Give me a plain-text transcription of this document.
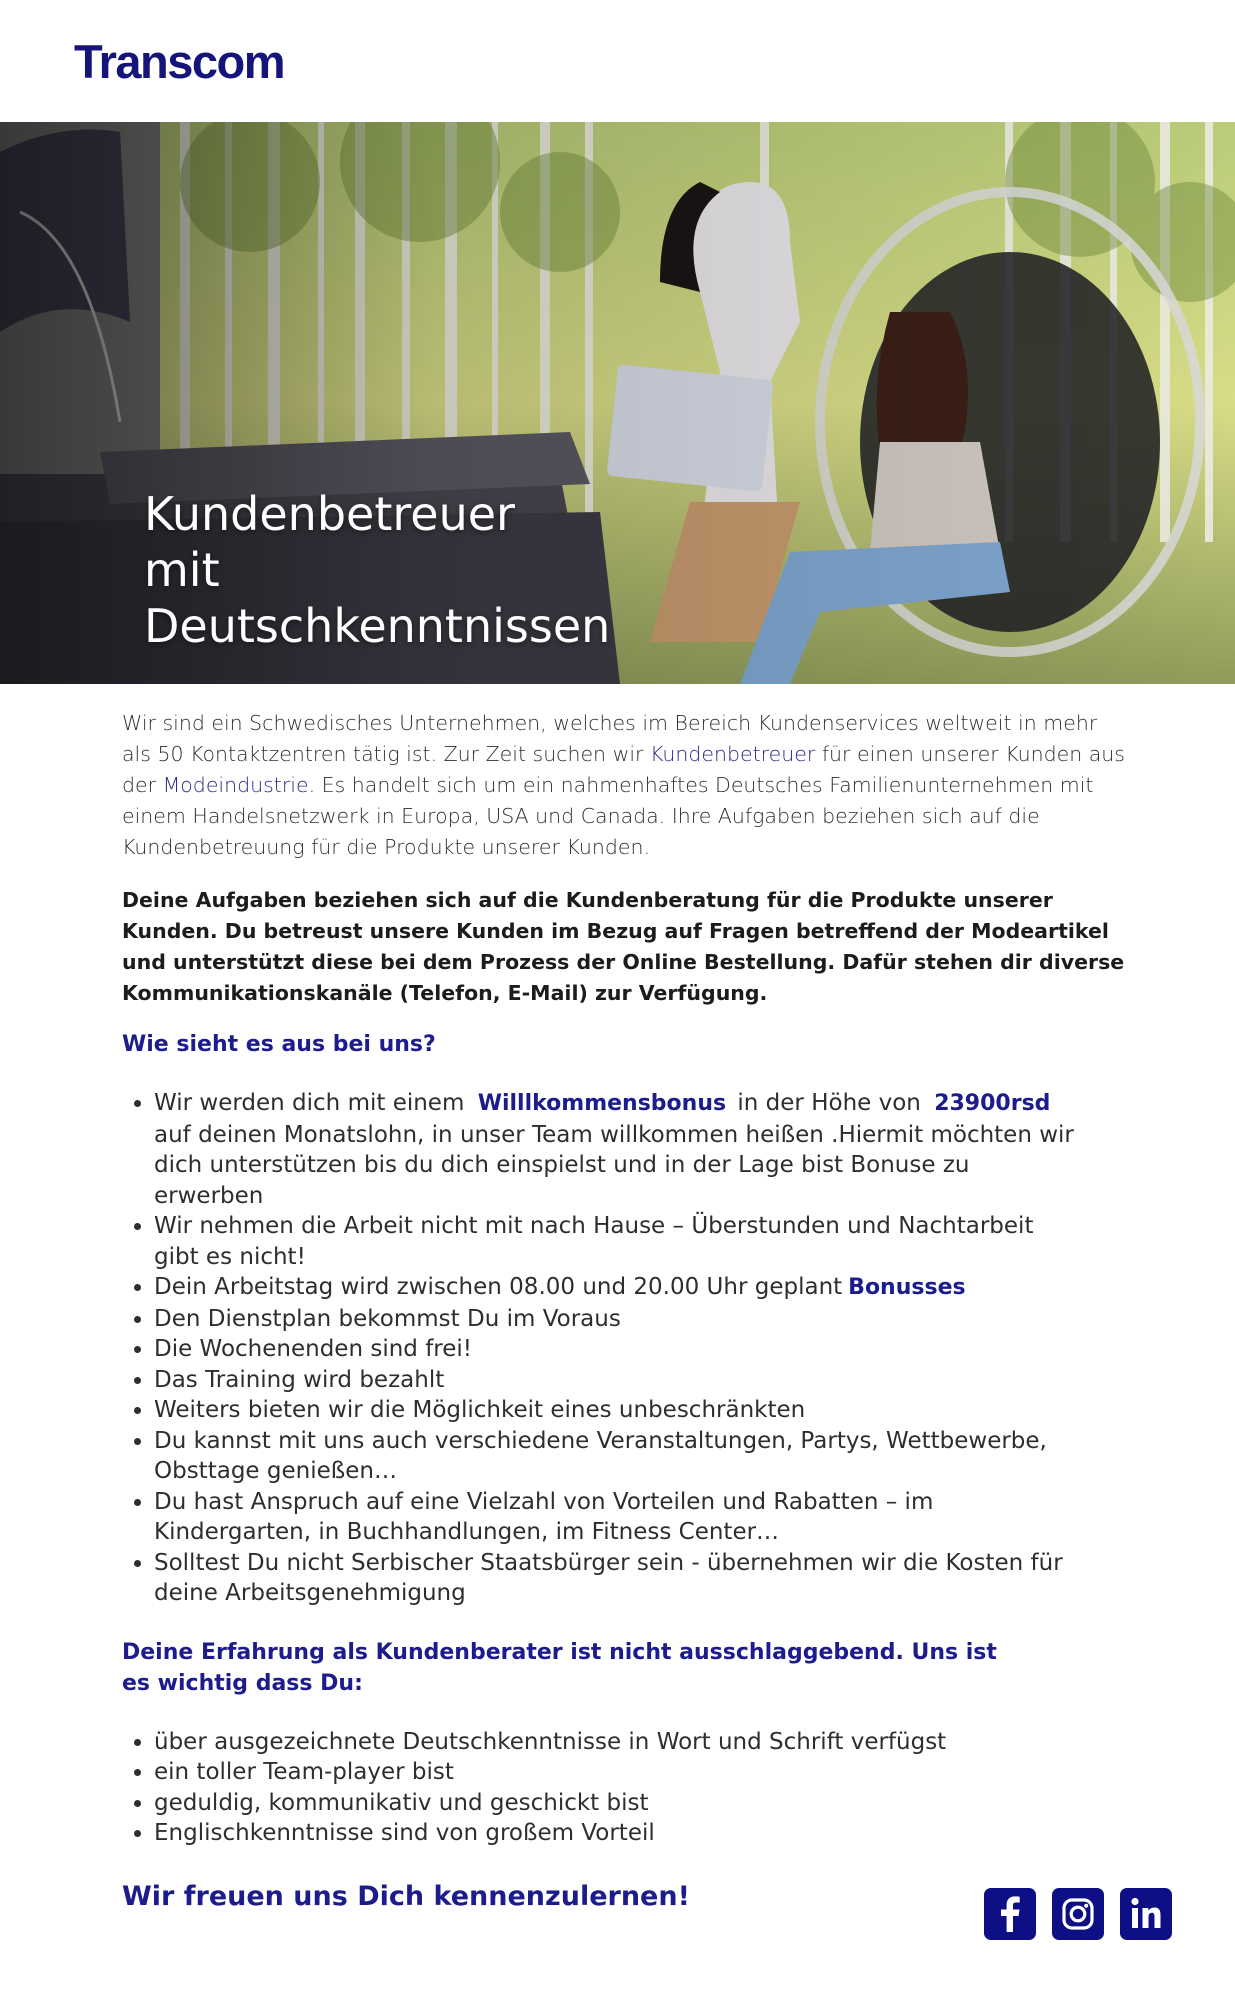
Transcom
Kundenbetreuer
mit
Deutschkenntnissen

Wir sind ein Schwedisches Unternehmen, welches im Bereich Kundenservices weltweit in mehr als 50 Kontaktzentren tätig ist. Zur Zeit suchen wir Kundenbetreuer für einen unserer Kunden aus der Modeindustrie. Es handelt sich um ein nahmenhaftes Deutsches Familienunternehmen mit einem Handelsnetzwerk in Europa, USA und Canada. Ihre Aufgaben beziehen sich auf die Kundenbetreuung für die Produkte unserer Kunden.

Deine Aufgaben beziehen sich auf die Kundenberatung für die Produkte unserer Kunden. Du betreust unsere Kunden im Bezug auf Fragen betreffend der Modeartikel und unterstützt diese bei dem Prozess der Online Bestellung. Dafür stehen dir diverse Kommunikationskanäle (Telefon, E-Mail) zur Verfügung.

Wie sieht es aus bei uns?

• Wir werden dich mit einem Willlkommensbonus in der Höhe von 23900rsd auf deinen Monatslohn, in unser Team willkommen heißen .Hiermit möchten wir dich unterstützen bis du dich einspielst und in der Lage bist Bonuse zu erwerben
• Wir nehmen die Arbeit nicht mit nach Hause – Überstunden und Nachtarbeit gibt es nicht!
• Dein Arbeitstag wird zwischen 08.00 und 20.00 Uhr geplant Bonusses
• Den Dienstplan bekommst Du im Voraus
• Die Wochenenden sind frei!
• Das Training wird bezahlt
• Weiters bieten wir die Möglichkeit eines unbeschränkten
• Du kannst mit uns auch verschiedene Veranstaltungen, Partys, Wettbewerbe, Obsttage genießen…
• Du hast Anspruch auf eine Vielzahl von Vorteilen und Rabatten – im Kindergarten, in Buchhandlungen, im Fitness Center…
• Solltest Du nicht Serbischer Staatsbürger sein - übernehmen wir die Kosten für deine Arbeitsgenehmigung

Deine Erfahrung als Kundenberater ist nicht ausschlaggebend. Uns ist es wichtig dass Du:

• über ausgezeichnete Deutschkenntnisse in Wort und Schrift verfügst
• ein toller Team-player bist
• geduldig, kommunikativ und geschickt bist
• Englischkenntnisse sind von großem Vorteil

Wir freuen uns Dich kennenzulernen!
